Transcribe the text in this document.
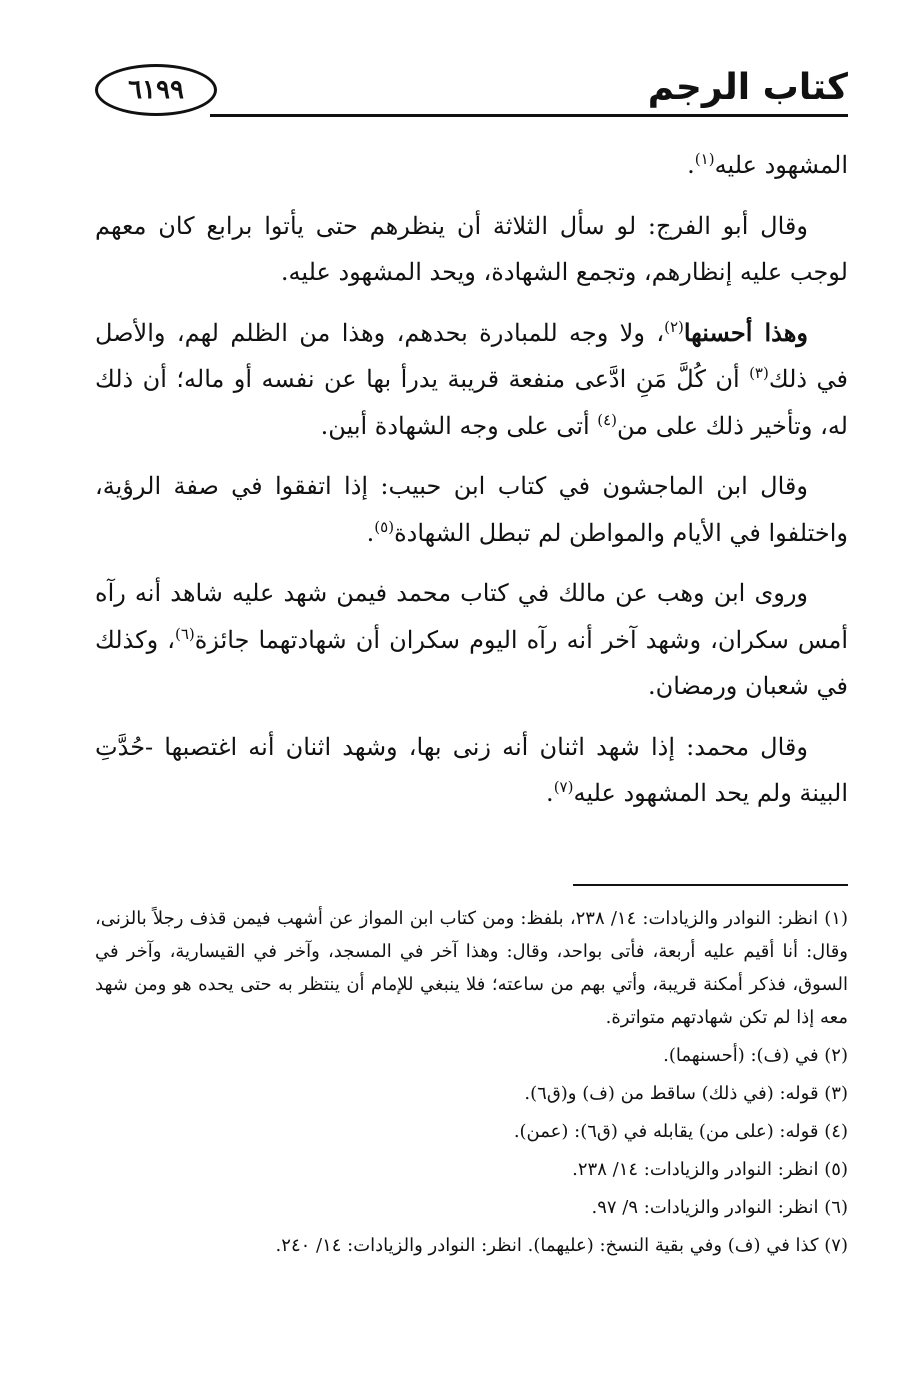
كتاب الرجم
٦١٩٩

المشهود عليه$^{(١)}$.

وقال أبو الفرج: لو سأل الثلاثة أن ينظرهم حتى يأتوا برابع كان معهم لوجب عليه إنظارهم، وتجمع الشهادة، ويحد المشهود عليه.

وهذا أحسنها$^{(٢)}$، ولا وجه للمبادرة بحدهم، وهذا من الظلم لهم، والأصل في ذلك$^{(٣)}$ أن كُلَّ مَنِ ادَّعى منفعة قريبة يدرأ بها عن نفسه أو ماله؛ أن ذلك له، وتأخير ذلك على من$^{(٤)}$ أتى على وجه الشهادة أبين.

وقال ابن الماجشون في كتاب ابن حبيب: إذا اتفقوا في صفة الرؤية، واختلفوا في الأيام والمواطن لم تبطل الشهادة$^{(٥)}$.

وروى ابن وهب عن مالك في كتاب محمد فيمن شهد عليه شاهد أنه رآه أمس سكران، وشهد آخر أنه رآه اليوم سكران أن شهادتهما جائزة$^{(٦)}$، وكذلك في شعبان ورمضان.

وقال محمد: إذا شهد اثنان أنه زنى بها، وشهد اثنان أنه اغتصبها -حُدَّتِ البينة ولم يحد المشهود عليه$^{(٧)}$.

(١) انظر: النوادر والزيادات: ١٤/ ٢٣٨، بلفظ: ومن كتاب ابن المواز عن أشهب فيمن قذف رجلاً بالزنى، وقال: أنا أقيم عليه أربعة، فأتى بواحد، وقال: وهذا آخر في المسجد، وآخر في القيسارية، وآخر في السوق، فذكر أمكنة قريبة، وأتي بهم من ساعته؛ فلا ينبغي للإمام أن ينتظر به حتى يحده هو ومن شهد معه إذا لم تكن شهادتهم متواترة.

(٢) في (ف): (أحسنهما).

(٣) قوله: (في ذلك) ساقط من (ف) و(ق٦).

(٤) قوله: (على من) يقابله في (ق٦): (عمن).

(٥) انظر: النوادر والزيادات: ١٤/ ٢٣٨.

(٦) انظر: النوادر والزيادات: ٩/ ٩٧.

(٧) كذا في (ف) وفي بقية النسخ: (عليهما). انظر: النوادر والزيادات: ١٤/ ٢٤٠.
